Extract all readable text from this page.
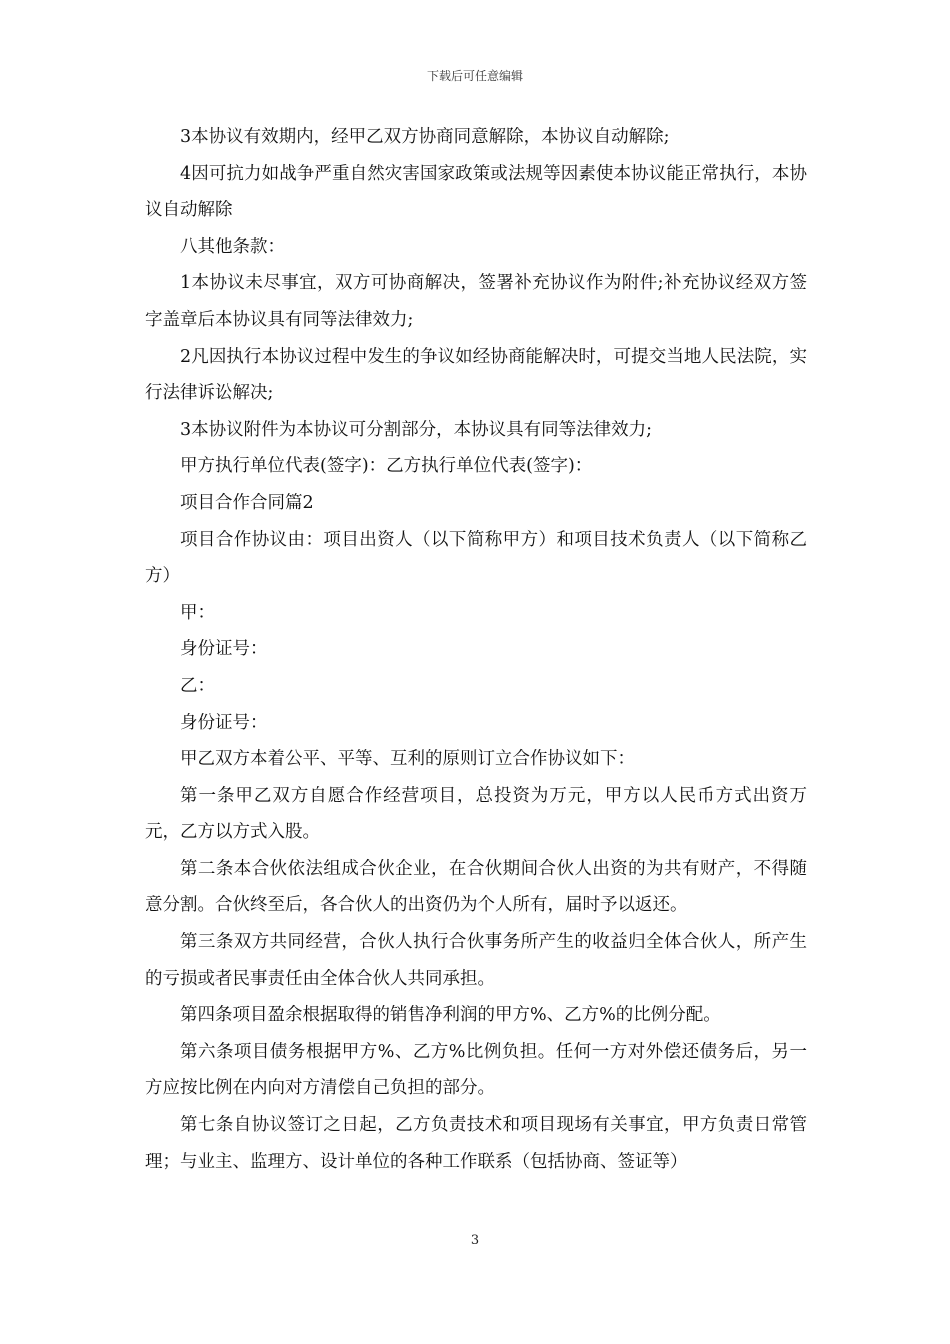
下载后可任意编辑

3本协议有效期内，经甲乙双方协商同意解除，本协议自动解除;

4因可抗力如战争严重自然灾害国家政策或法规等因素使本协议能正常执行，本协议自动解除

八其他条款：

1本协议未尽事宜，双方可协商解决，签署补充协议作为附件;补充协议经双方签字盖章后本协议具有同等法律效力;

2凡因执行本协议过程中发生的争议如经协商能解决时，可提交当地人民法院，实行法律诉讼解决;

3本协议附件为本协议可分割部分，本协议具有同等法律效力;

甲方执行单位代表(签字)：乙方执行单位代表(签字)：

项目合作合同篇2

项目合作协议由：项目出资人（以下简称甲方）和项目技术负责人（以下简称乙方）

甲：

身份证号：

乙：

身份证号：

甲乙双方本着公平、平等、互利的原则订立合作协议如下：

第一条甲乙双方自愿合作经营项目，总投资为万元，甲方以人民币方式出资万元，乙方以方式入股。

第二条本合伙依法组成合伙企业，在合伙期间合伙人出资的为共有财产，不得随意分割。合伙终至后，各合伙人的出资仍为个人所有，届时予以返还。

第三条双方共同经营，合伙人执行合伙事务所产生的收益归全体合伙人，所产生的亏损或者民事责任由全体合伙人共同承担。

第四条项目盈余根据取得的销售净利润的甲方%、乙方%的比例分配。

第六条项目债务根据甲方%、乙方%比例负担。任何一方对外偿还债务后，另一方应按比例在内向对方清偿自己负担的部分。

第七条自协议签订之日起，乙方负责技术和项目现场有关事宜，甲方负责日常管理；与业主、监理方、设计单位的各种工作联系（包括协商、签证等）

3
